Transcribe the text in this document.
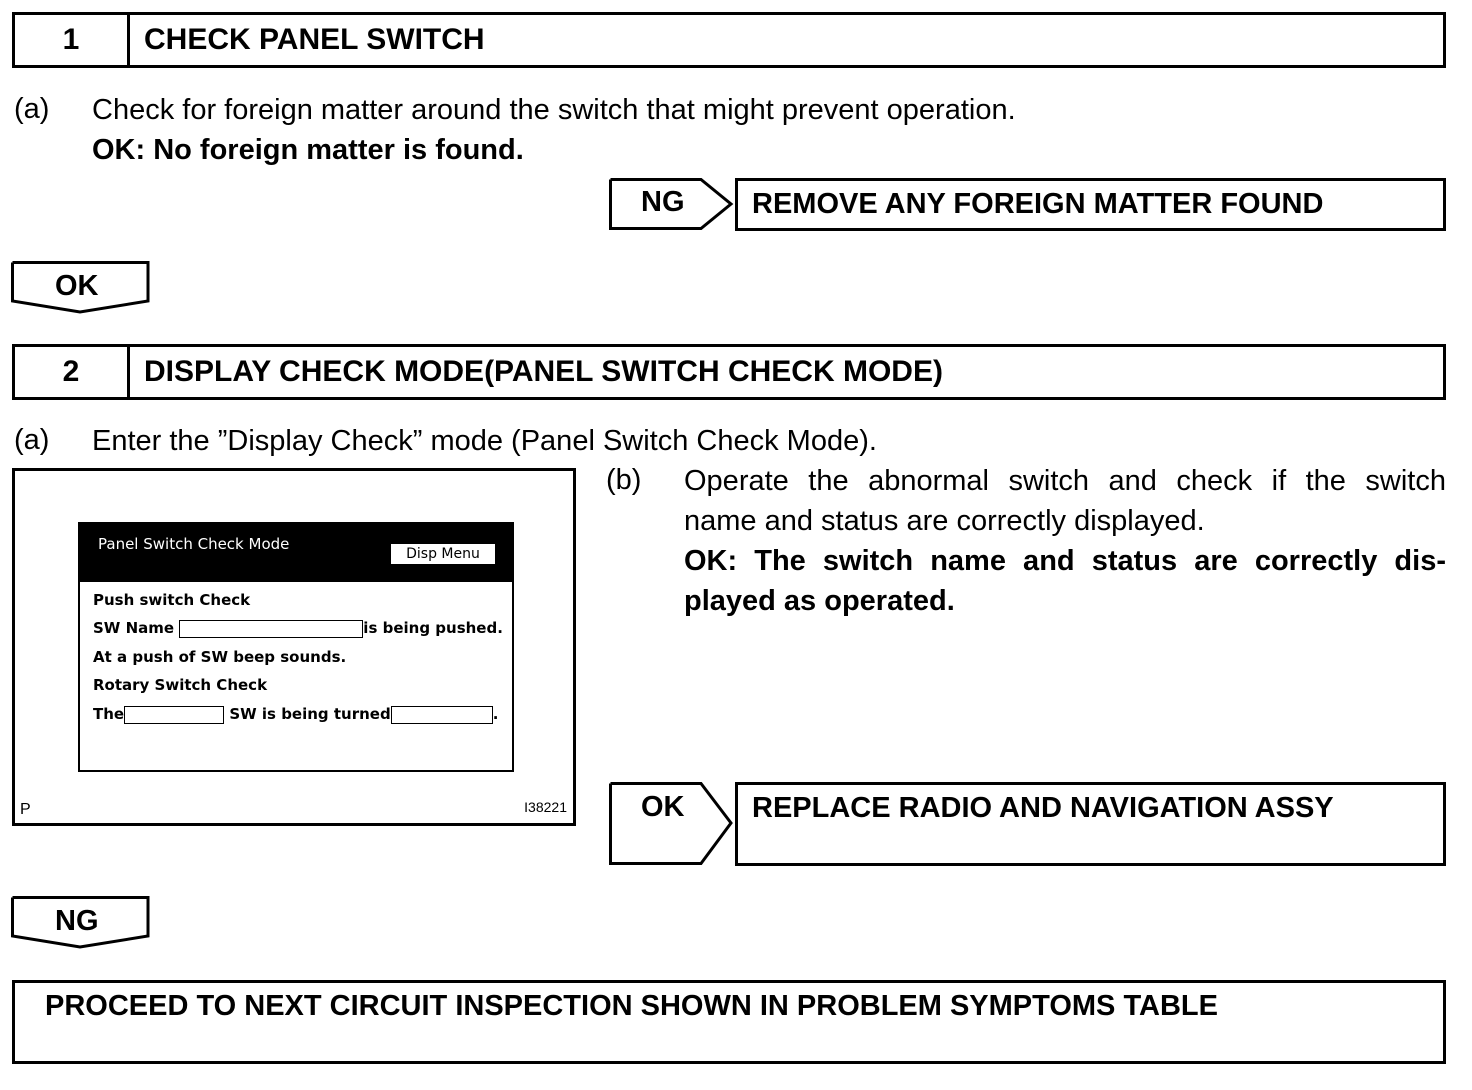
1	CHECK PANEL SWITCH
(a) Check for foreign matter around the switch that might prevent operation.
OK: No foreign matter is found.
NG	REMOVE ANY FOREIGN MATTER FOUND
OK
2	DISPLAY CHECK MODE(PANEL SWITCH CHECK MODE)
(a) Enter the ”Display Check” mode (Panel Switch Check Mode).
Panel Switch Check Mode
Disp Menu
Push switch Check
SW Name	is being pushed.
At a push of SW beep sounds.
Rotary Switch Check
The	SW is being turned	.
P	I38221
(b) Operate the abnormal switch and check if the switch
name and status are correctly displayed.
OK: The switch name and status are correctly dis-
played as operated.
OK	REPLACE RADIO AND NAVIGATION ASSY
NG
PROCEED TO NEXT CIRCUIT INSPECTION SHOWN IN PROBLEM SYMPTOMS TABLE
